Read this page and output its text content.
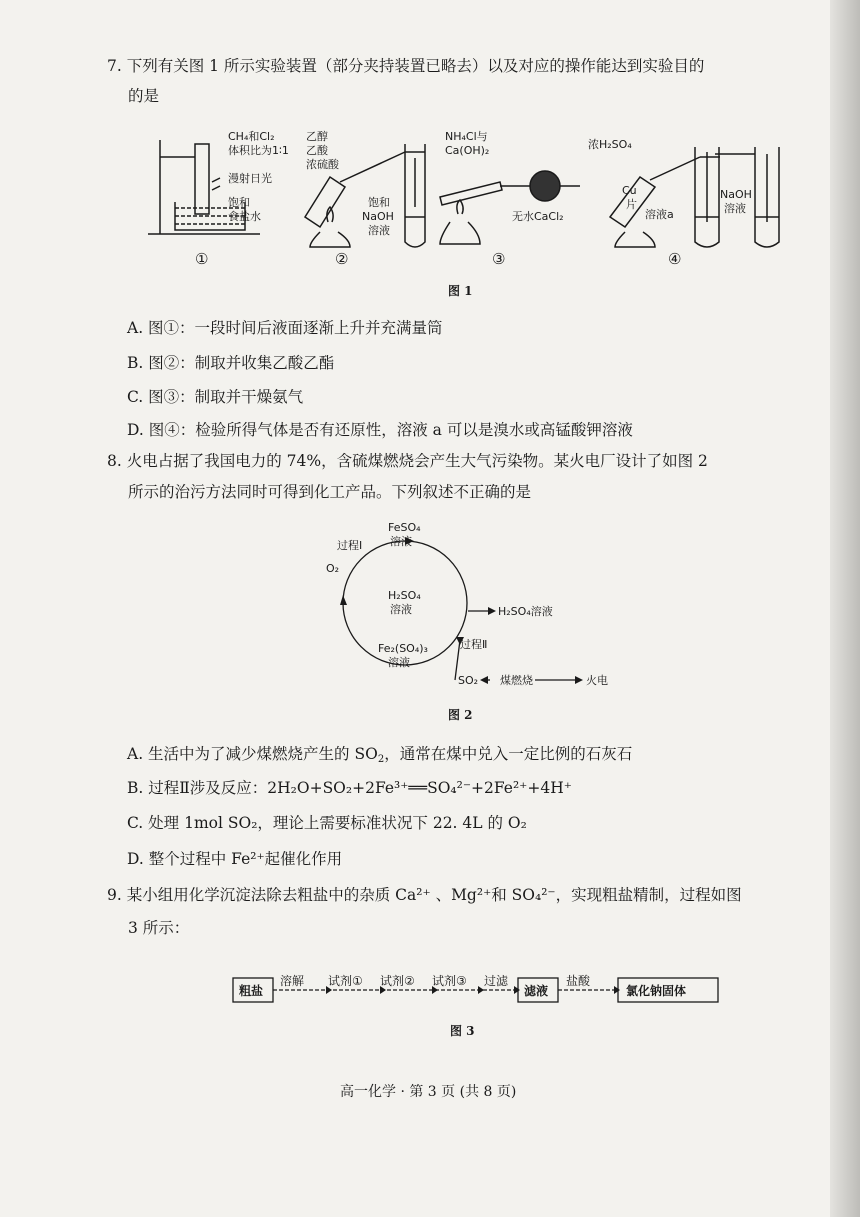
7. 下列有关图 1 所示实验装置（部分夹持装置已略去）以及对应的操作能达到实验目的
的是
CH₄和Cl₂
体积比为1∶1
漫射日光
饱和
食盐水
①
乙醇
乙酸
浓硫酸
饱和
NaOH
溶液
②
NH₄Cl与
Ca(OH)₂
无水CaCl₂
③
浓H₂SO₄
Cu
片
溶液a
NaOH
溶液
④
图 1
A. 图①：一段时间后液面逐渐上升并充满量筒
B. 图②：制取并收集乙酸乙酯
C. 图③：制取并干燥氨气
D. 图④：检验所得气体是否有还原性，溶液 a 可以是溴水或高锰酸钾溶液
8. 火电占据了我国电力的 74%，含硫煤燃烧会产生大气污染物。某火电厂设计了如图 2
所示的治污方法同时可得到化工产品。下列叙述不正确的是
FeSO₄
溶液
过程Ⅰ
O₂
H₂SO₄
溶液	H₂SO₄溶液
Fe₂(SO₄)₃
溶液
过程Ⅱ
SO₂ 煤燃烧	火电
图 2
A. 生活中为了减少煤燃烧产生的 $SO_2$，通常在煤中兑入一定比例的石灰石
B. 过程Ⅱ涉及反应：2H₂O+SO₂+2Fe³⁺══SO₄²⁻+2Fe²⁺+4H⁺
C. 处理 1mol SO₂，理论上需要标准状况下 22. 4L 的 O₂
D. 整个过程中 Fe²⁺起催化作用
9. 某小组用化学沉淀法除去粗盐中的杂质 Ca²⁺ 、Mg²⁺和 SO₄²⁻，实现粗盐精制，过程如图
3 所示：
粗盐
溶解 试剂① 试剂② 试剂③ 过滤
滤液
盐酸
氯化钠固体
图 3
高一化学 · 第 3 页 (共 8 页)
